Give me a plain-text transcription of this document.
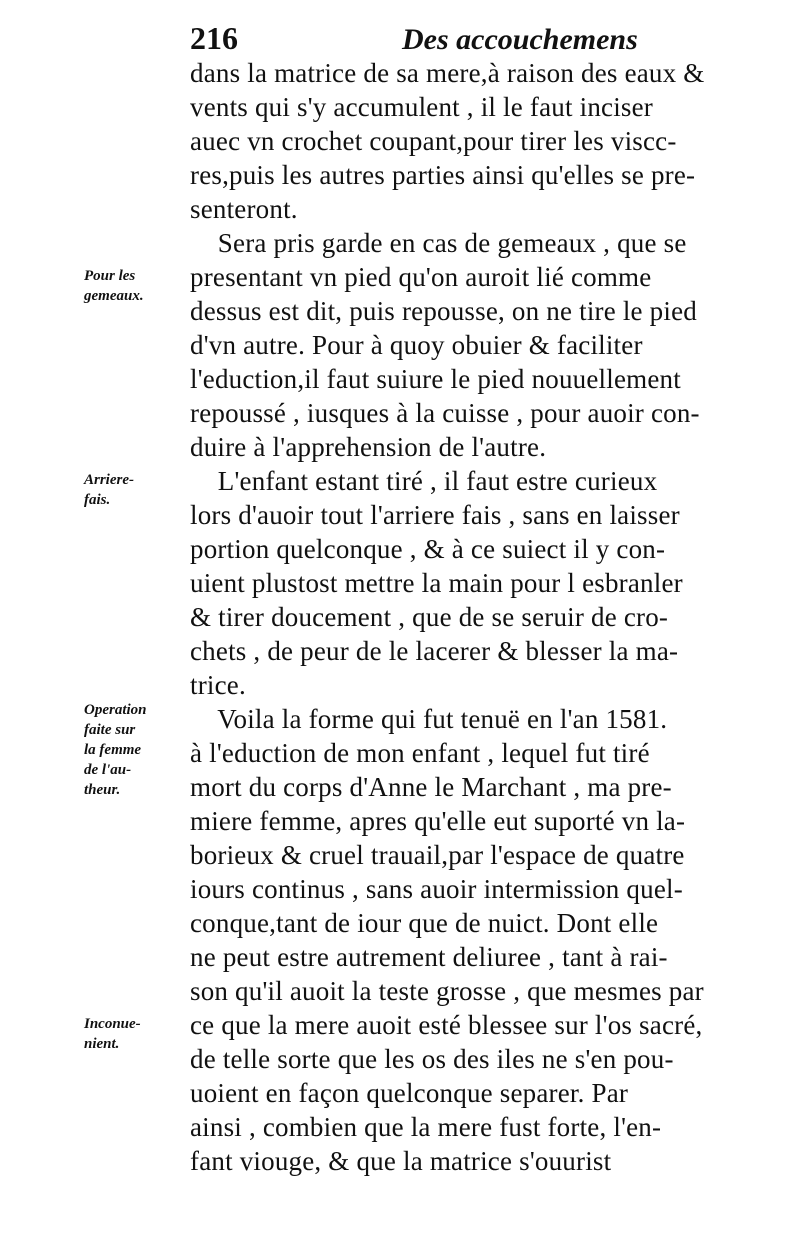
216	Des accouchemens
Pour les
gemeaux.
Arriere-
fais.
Operation
faite sur
la femme
de l'au-
theur.
Inconue-
nient.
dans la matrice de sa mere,à raison des eaux &
vents qui s'y accumulent , il le faut inciser
auec vn crochet coupant,pour tirer les viscc-
res,puis les autres parties ainsi qu'elles se pre-
senteront.
Sera pris garde en cas de gemeaux , que se
presentant vn pied qu'on auroit lié comme
dessus est dit, puis repousse, on ne tire le pied
d'vn autre. Pour à quoy obuier & faciliter
l'eduction,il faut suiure le pied nouuellement
repoussé , iusques à la cuisse , pour auoir con-
duire à l'apprehension de l'autre.
L'enfant estant tiré , il faut estre curieux
lors d'auoir tout l'arriere fais , sans en laisser
portion quelconque , & à ce suiect il y con-
uient plustost mettre la main pour l esbranler
& tirer doucement , que de se seruir de cro-
chets , de peur de le lacerer & blesser la ma-
trice.
Voila la forme qui fut tenuë en l'an 1581.
à l'eduction de mon enfant , lequel fut tiré
mort du corps d'Anne le Marchant , ma pre-
miere femme, apres qu'elle eut suporté vn la-
borieux & cruel trauail,par l'espace de quatre
iours continus , sans auoir intermission quel-
conque,tant de iour que de nuict. Dont elle
ne peut estre autrement deliuree , tant à rai-
son qu'il auoit la teste grosse , que mesmes par
ce que la mere auoit esté blessee sur l'os sacré,
de telle sorte que les os des iles ne s'en pou-
uoient en façon quelconque separer. Par
ainsi , combien que la mere fust forte, l'en-
fant viouge, & que la matrice s'ouurist
